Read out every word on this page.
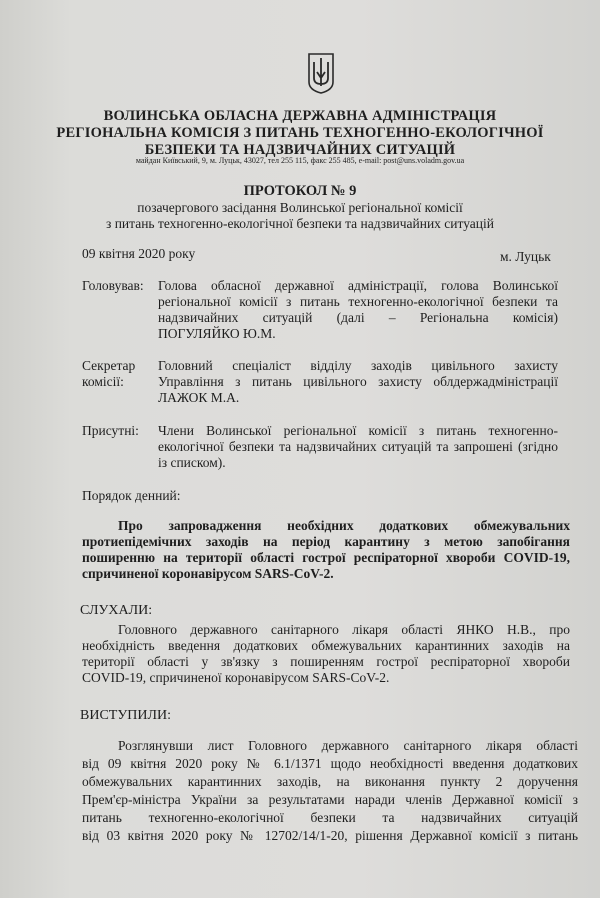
ВОЛИНСЬКА ОБЛАСНА ДЕРЖАВНА АДМІНІСТРАЦІЯ
РЕГІОНАЛЬНА КОМІСІЯ З ПИТАНЬ ТЕХНОГЕННО-ЕКОЛОГІЧНОЇ
БЕЗПЕКИ ТА НАДЗВИЧАЙНИХ СИТУАЦІЙ
майдан Київський, 9, м. Луцьк, 43027, тел 255 115, факс 255 485, e-mail: post@uns.voladm.gov.ua
ПРОТОКОЛ № 9
позачергового засідання Волинської регіональної комісії
з питань техногенно-екологічної безпеки та надзвичайних ситуацій
09 квітня 2020 року	м. Луцьк
Головував: Голова обласної державної адміністрації, голова Волинської
регіональної комісії з питань техногенно-екологічної безпеки та
надзвичайних ситуацій (далі – Регіональна комісія)
ПОГУЛЯЙКО Ю.М.
Секретар
комісії:
Головний спеціаліст відділу заходів цивільного захисту
Управління з питань цивільного захисту облдержадміністрації
ЛАЖОК М.А.
Присутні: Члени Волинської регіональної комісії з питань техногенно-
екологічної безпеки та надзвичайних ситуацій та запрошені (згідно
із списком).
Порядок денний:
Про запровадження необхідних додаткових обмежувальних
протиепідемічних заходів на період карантину з метою запобігання
поширенню на території області гострої респіраторної хвороби COVID-19,
спричиненої коронавірусом SARS-CoV-2.
СЛУХАЛИ:
Головного державного санітарного лікаря області ЯНКО Н.В., про
необхідність введення додаткових обмежувальних карантинних заходів на
території області у зв'язку з поширенням гострої респіраторної хвороби
COVID-19, спричиненої коронавірусом SARS-CoV-2.
ВИСТУПИЛИ:
Розглянувши лист Головного державного санітарного лікаря області
від 09 квітня 2020 року № 6.1/1371 щодо необхідності введення додаткових
обмежувальних карантинних заходів, на виконання пункту 2 доручення
Прем'єр-міністра України за результатами наради членів Державної комісії з
питань техногенно-екологічної безпеки та надзвичайних ситуацій
від 03 квітня 2020 року № 12702/14/1-20, рішення Державної комісії з питань
